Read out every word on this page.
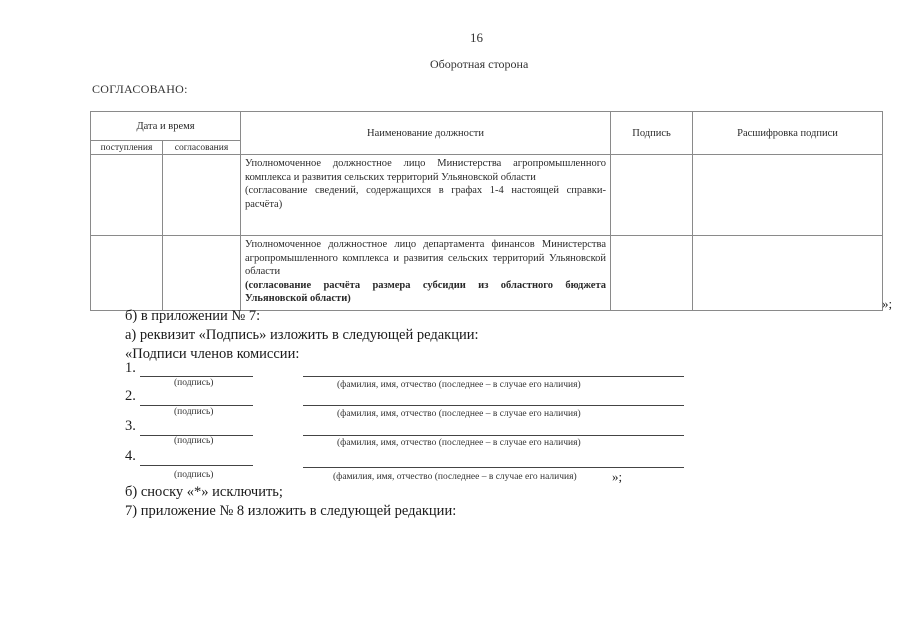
16
Оборотная сторона
СОГЛАСОВАНО:
Дата и время		Наименование должности	Подпись	Расшифровка подписи
поступления	согласования			

		Уполномоченное должностное лицо Министерства агропромышленного комплекса и развития сельских территорий Ульяновской области
(согласование сведений, содержащихся в графах 1-4 настоящей справки-расчёта)		

		Уполномоченное должностное лицо департамента финансов Министерства агропромышленного комплекса и развития сельских территорий Ульяновской области
(согласование расчёта размера субсидии из областного бюджета Ульяновской области)		
			»;
б) в приложении № 7:
а) реквизит «Подпись» изложить в следующей редакции:
«Подписи членов комиссии:
1.
(подпись)	(фамилия, имя, отчество (последнее – в случае его наличия)
2.
(подпись)	(фамилия, имя, отчество (последнее – в случае его наличия)
3.
(подпись)	(фамилия, имя, отчество (последнее – в случае его наличия)
4.
(подпись)	(фамилия, имя, отчество (последнее – в случае его наличия)	»;
б) сноску «*» исключить;
7) приложение № 8 изложить в следующей редакции:
